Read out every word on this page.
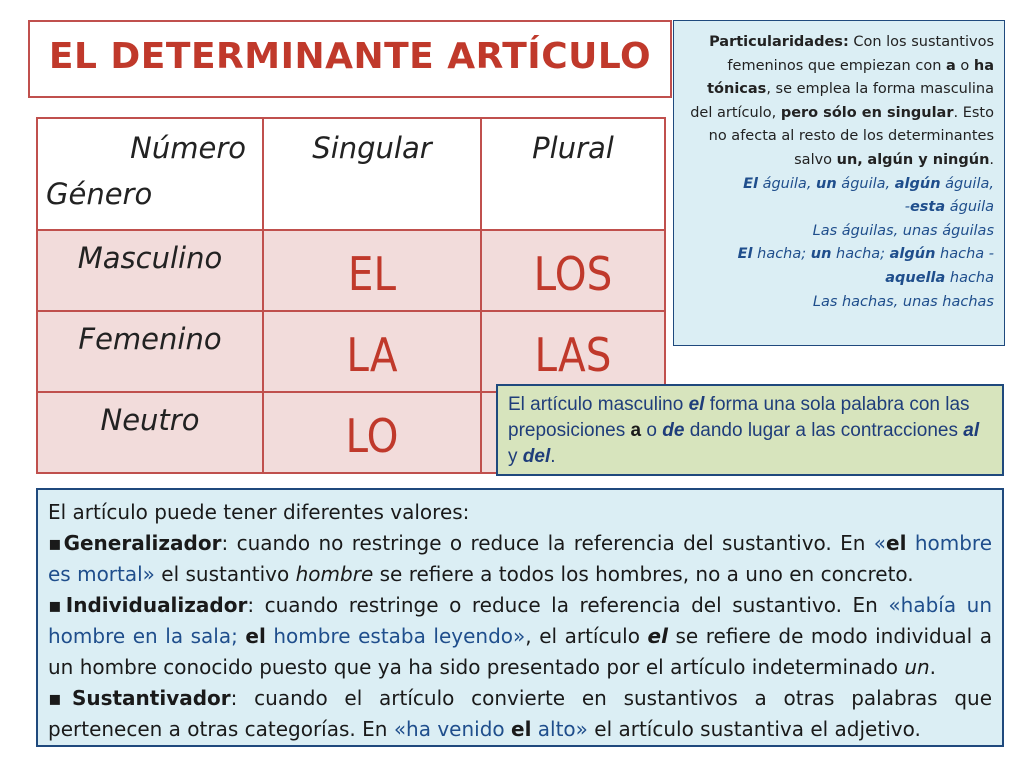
EL DETERMINANTE ARTÍCULO
Número
Género	Singular	Plural

Masculino	EL	LOS

Femenino	LA	LAS

Neutro	LO	

Particularidades: Con los sustantivos femeninos que empiezan con a o ha tónicas, se emplea la forma masculina del artículo, pero sólo en singular. Esto no afecta al resto de los determinantes salvo un, algún y ningún.
El águila, un águila, algún águila,
-esta águila
Las águilas, unas águilas
El hacha; un hacha; algún hacha -
aquella hacha
Las hachas, unas hachas
El artículo masculino el forma una sola palabra con las preposiciones a o de dando lugar a las contracciones al y del.

El artículo puede tener diferentes valores:

▪Generalizador: cuando no restringe o reduce la referencia del sustantivo. En «el hombre es mortal» el sustantivo hombre se refiere a todos los hombres, no a uno en concreto.

▪Individualizador: cuando restringe o reduce la referencia del sustantivo. En «había un hombre en la sala; el hombre estaba leyendo», el artículo el se refiere de modo individual a un hombre conocido puesto que ya ha sido presentado por el artículo indeterminado un.

▪Sustantivador: cuando el artículo convierte en sustantivos a otras palabras que pertenecen a otras categorías. En «ha venido el alto» el artículo sustantiva el adjetivo.
